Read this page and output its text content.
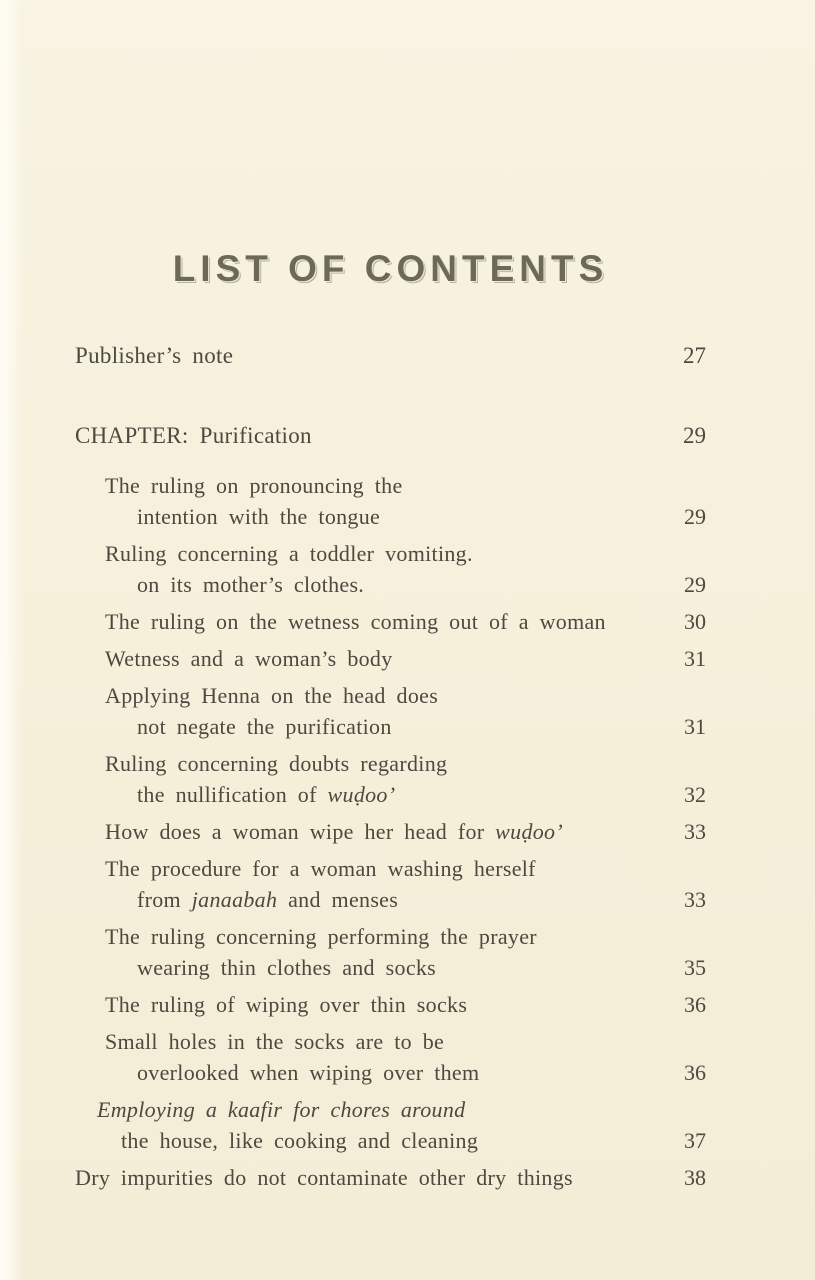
LIST OF CONTENTS
Publisher’s note	27
CHAPTER: Purification	29
The ruling on pronouncing the
intention with the tongue	29
Ruling concerning a toddler vomiting.
on its mother’s clothes.	29
The ruling on the wetness coming out of a woman	30
Wetness and a woman’s body	31
Applying Henna on the head does
not negate the purification	31
Ruling concerning doubts regarding
the nullification of wuḍoo’	32
How does a woman wipe her head for wuḍoo’	33
The procedure for a woman washing herself
from janaabah and menses	33
The ruling concerning performing the prayer
wearing thin clothes and socks	35
The ruling of wiping over thin socks	36
Small holes in the socks are to be
overlooked when wiping over them	36
Employing a kaafir for chores around
the house, like cooking and cleaning	37
Dry impurities do not contaminate other dry things	38
